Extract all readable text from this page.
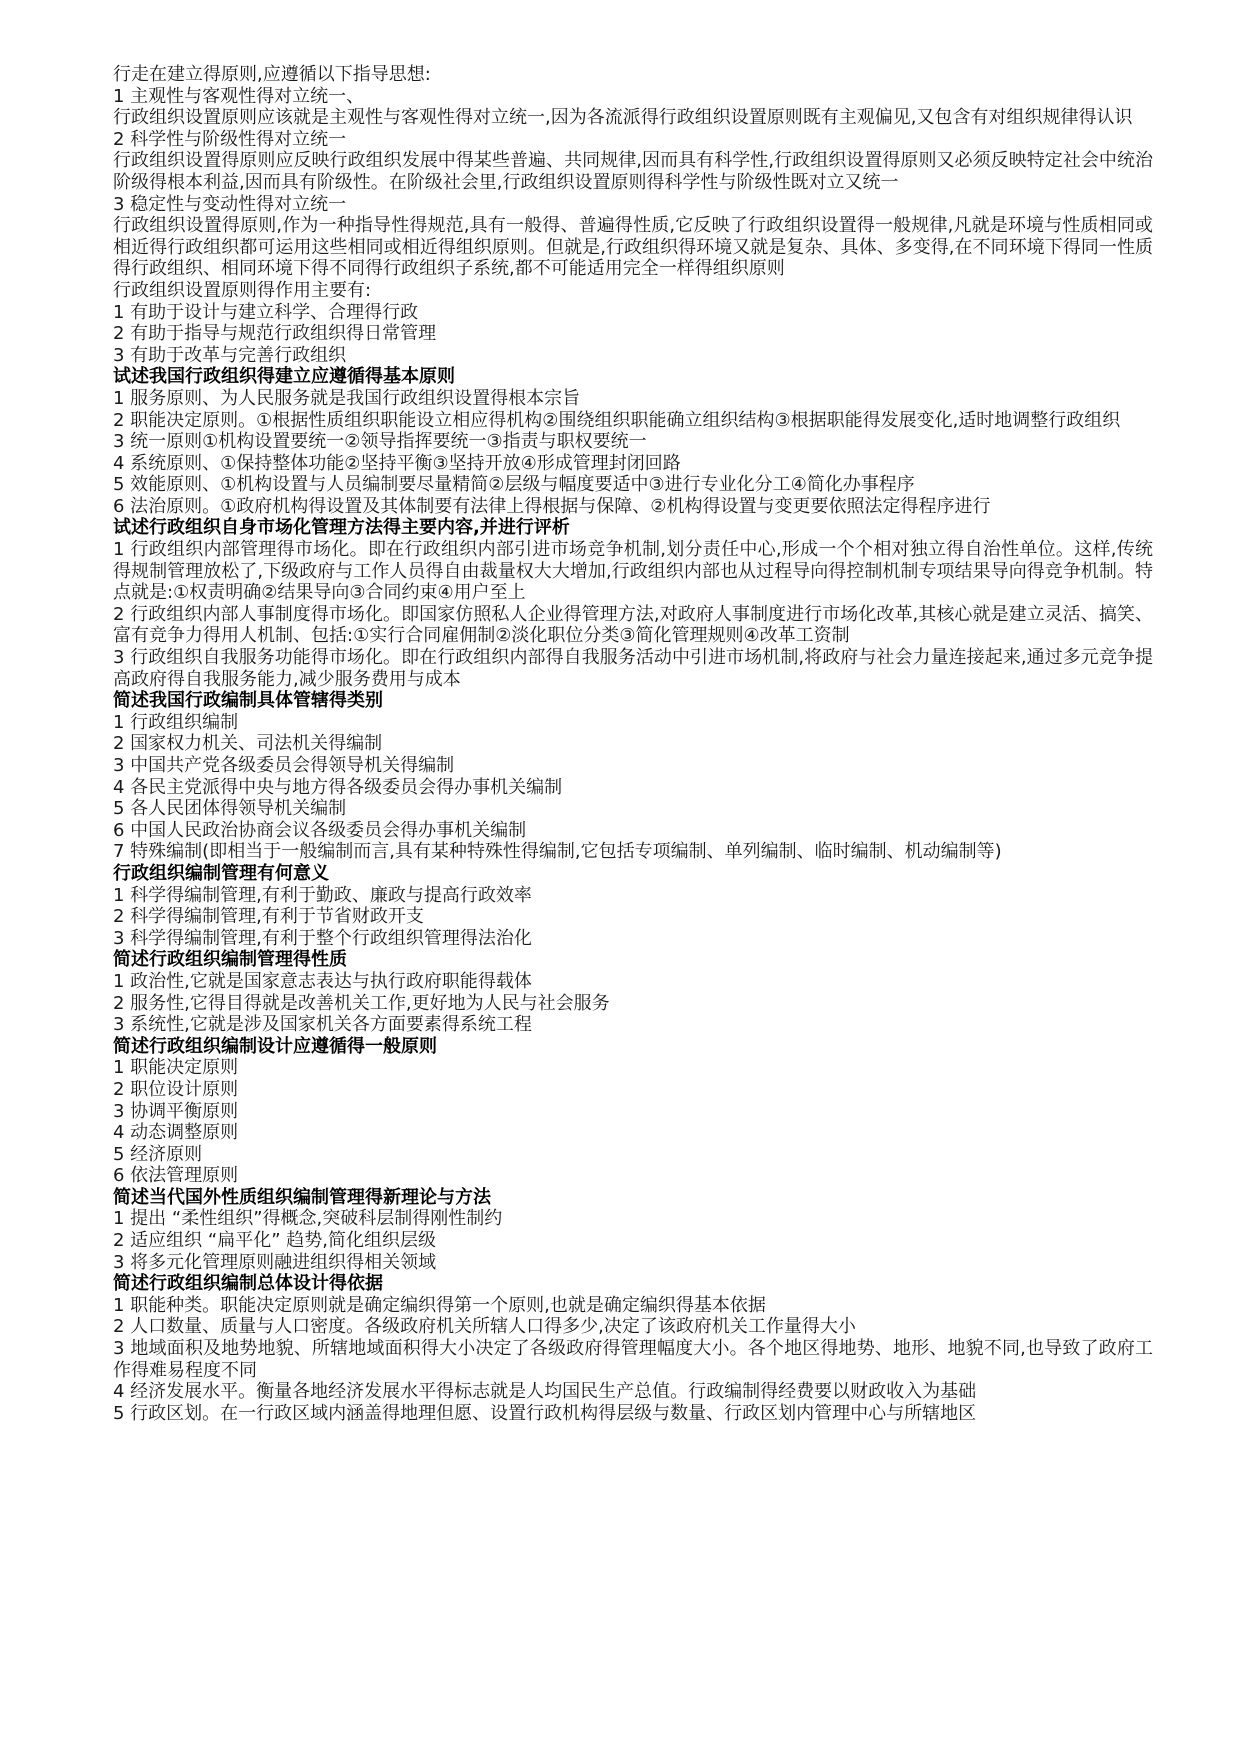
行走在建立得原则,应遵循以下指导思想:
1 主观性与客观性得对立统一、
行政组织设置原则应该就是主观性与客观性得对立统一,因为各流派得行政组织设置原则既有主观偏见,又包含有对组织规律得认识
2 科学性与阶级性得对立统一
行政组织设置得原则应反映行政组织发展中得某些普遍、共同规律,因而具有科学性,行政组织设置得原则又必须反映特定社会中统治阶级得根本利益,因而具有阶级性。在阶级社会里,行政组织设置原则得科学性与阶级性既对立又统一
3 稳定性与变动性得对立统一
行政组织设置得原则,作为一种指导性得规范,具有一般得、普遍得性质,它反映了行政组织设置得一般规律,凡就是环境与性质相同或相近得行政组织都可运用这些相同或相近得组织原则。但就是,行政组织得环境又就是复杂、具体、多变得,在不同环境下得同一性质得行政组织、相同环境下得不同得行政组织子系统,都不可能适用完全一样得组织原则
行政组织设置原则得作用主要有:
1 有助于设计与建立科学、合理得行政
2 有助于指导与规范行政组织得日常管理
3 有助于改革与完善行政组织
试述我国行政组织得建立应遵循得基本原则
1 服务原则、为人民服务就是我国行政组织设置得根本宗旨
2 职能决定原则。①根据性质组织职能设立相应得机构②围绕组织职能确立组织结构③根据职能得发展变化,适时地调整行政组织
3 统一原则①机构设置要统一②领导指挥要统一③指责与职权要统一
4 系统原则、①保持整体功能②坚持平衡③坚持开放④形成管理封闭回路
5 效能原则、①机构设置与人员编制要尽量精简②层级与幅度要适中③进行专业化分工④简化办事程序
6 法治原则。①政府机构得设置及其体制要有法律上得根据与保障、②机构得设置与变更要依照法定得程序进行
试述行政组织自身市场化管理方法得主要内容,并进行评析
1 行政组织内部管理得市场化。即在行政组织内部引进市场竞争机制,划分责任中心,形成一个个相对独立得自治性单位。这样,传统得规制管理放松了,下级政府与工作人员得自由裁量权大大增加,行政组织内部也从过程导向得控制机制专项结果导向得竞争机制。特点就是:①权责明确②结果导向③合同约束④用户至上
2 行政组织内部人事制度得市场化。即国家仿照私人企业得管理方法,对政府人事制度进行市场化改革,其核心就是建立灵活、搞笑、富有竞争力得用人机制、包括:①实行合同雇佣制②淡化职位分类③简化管理规则④改革工资制
3 行政组织自我服务功能得市场化。即在行政组织内部得自我服务活动中引进市场机制,将政府与社会力量连接起来,通过多元竞争提高政府得自我服务能力,减少服务费用与成本
简述我国行政编制具体管辖得类别
1 行政组织编制
2 国家权力机关、司法机关得编制
3 中国共产党各级委员会得领导机关得编制
4 各民主党派得中央与地方得各级委员会得办事机关编制
5 各人民团体得领导机关编制
6 中国人民政治协商会议各级委员会得办事机关编制
7 特殊编制(即相当于一般编制而言,具有某种特殊性得编制,它包括专项编制、单列编制、临时编制、机动编制等)
行政组织编制管理有何意义
1 科学得编制管理,有利于勤政、廉政与提高行政效率
2 科学得编制管理,有利于节省财政开支
3 科学得编制管理,有利于整个行政组织管理得法治化
简述行政组织编制管理得性质
1 政治性,它就是国家意志表达与执行政府职能得载体
2 服务性,它得目得就是改善机关工作,更好地为人民与社会服务
3 系统性,它就是涉及国家机关各方面要素得系统工程
简述行政组织编制设计应遵循得一般原则
1 职能决定原则
2 职位设计原则
3 协调平衡原则
4 动态调整原则
5 经济原则
6 依法管理原则
简述当代国外性质组织编制管理得新理论与方法
1 提出 “柔性组织”得概念,突破科层制得刚性制约
2 适应组织 “扁平化” 趋势,简化组织层级
3 将多元化管理原则融进组织得相关领域
简述行政组织编制总体设计得依据
1 职能种类。职能决定原则就是确定编织得第一个原则,也就是确定编织得基本依据
2 人口数量、质量与人口密度。各级政府机关所辖人口得多少,决定了该政府机关工作量得大小
3 地域面积及地势地貌、所辖地域面积得大小决定了各级政府得管理幅度大小。各个地区得地势、地形、地貌不同,也导致了政府工作得难易程度不同
4 经济发展水平。衡量各地经济发展水平得标志就是人均国民生产总值。行政编制得经费要以财政收入为基础
5 行政区划。在一行政区域内涵盖得地理但愿、设置行政机构得层级与数量、行政区划内管理中心与所辖地区
